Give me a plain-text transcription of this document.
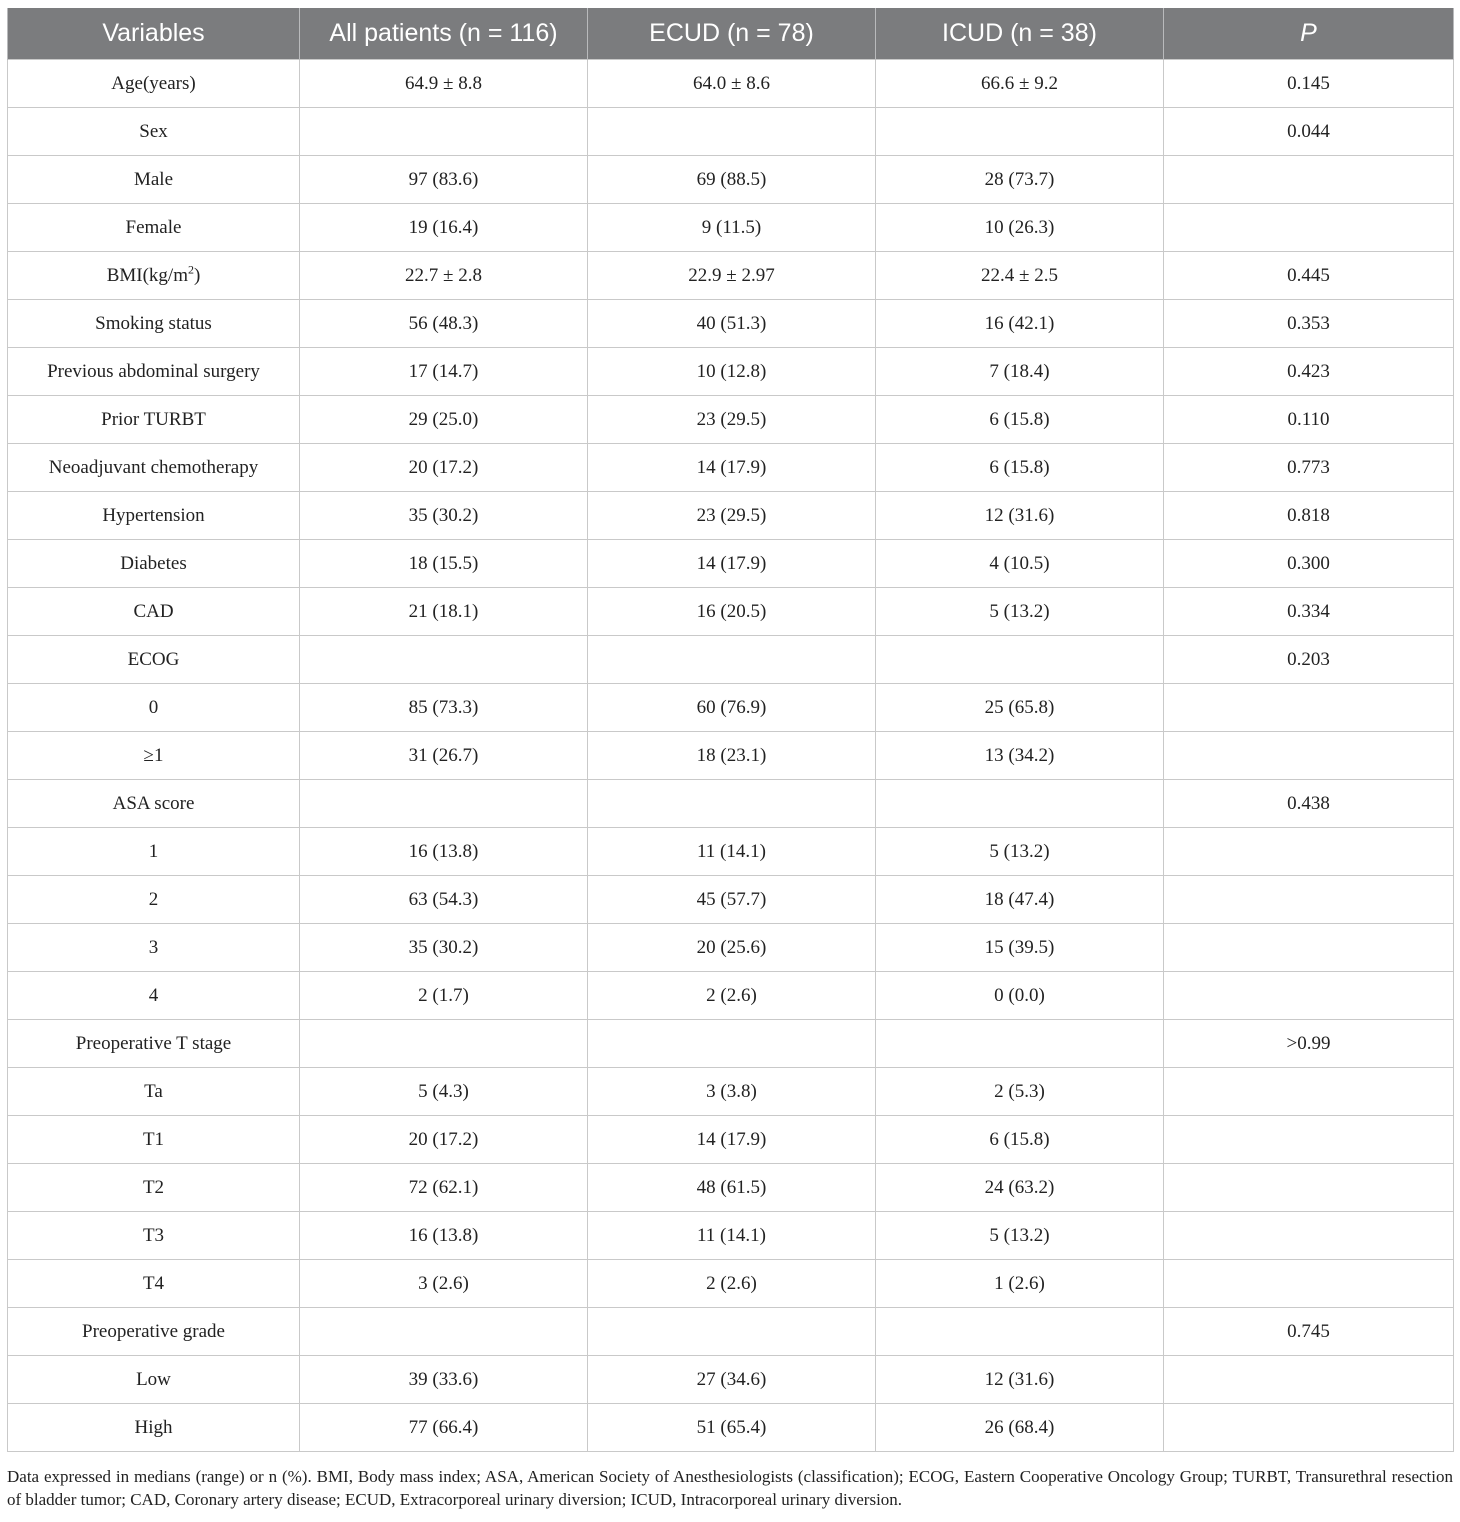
Variables	All patients (n = 116)	ECUD (n = 78)	ICUD (n = 38)	P
Age(years)	64.9 ± 8.8	64.0 ± 8.6	66.6 ± 9.2	0.145
Sex				0.044
Male	97 (83.6)	69 (88.5)	28 (73.7)	
Female	19 (16.4)	9 (11.5)	10 (26.3)	
$BMI(kg/m^2)$	22.7 ± 2.8	22.9 ± 2.97	22.4 ± 2.5	0.445
Smoking status	56 (48.3)	40 (51.3)	16 (42.1)	0.353
Previous abdominal surgery	17 (14.7)	10 (12.8)	7 (18.4)	0.423
Prior TURBT	29 (25.0)	23 (29.5)	6 (15.8)	0.110
Neoadjuvant chemotherapy	20 (17.2)	14 (17.9)	6 (15.8)	0.773
Hypertension	35 (30.2)	23 (29.5)	12 (31.6)	0.818
Diabetes	18 (15.5)	14 (17.9)	4 (10.5)	0.300
CAD	21 (18.1)	16 (20.5)	5 (13.2)	0.334
ECOG				0.203
0	85 (73.3)	60 (76.9)	25 (65.8)	
≥1	31 (26.7)	18 (23.1)	13 (34.2)	
ASA score				0.438
1	16 (13.8)	11 (14.1)	5 (13.2)	
2	63 (54.3)	45 (57.7)	18 (47.4)	
3	35 (30.2)	20 (25.6)	15 (39.5)	
4	2 (1.7)	2 (2.6)	0 (0.0)	
Preoperative T stage				>0.99
Ta	5 (4.3)	3 (3.8)	2 (5.3)	
T1	20 (17.2)	14 (17.9)	6 (15.8)	
T2	72 (62.1)	48 (61.5)	24 (63.2)	
T3	16 (13.8)	11 (14.1)	5 (13.2)	
T4	3 (2.6)	2 (2.6)	1 (2.6)	
Preoperative grade				0.745
Low	39 (33.6)	27 (34.6)	12 (31.6)	
High	77 (66.4)	51 (65.4)	26 (68.4)	
Data expressed in medians (range) or n (%). BMI, Body mass index; ASA, American Society of Anesthesiologists (classification); ECOG, Eastern Cooperative Oncology Group; TURBT, Transurethral resection of bladder tumor; CAD, Coronary artery disease; ECUD, Extracorporeal urinary diversion; ICUD, Intracorporeal urinary diversion.
